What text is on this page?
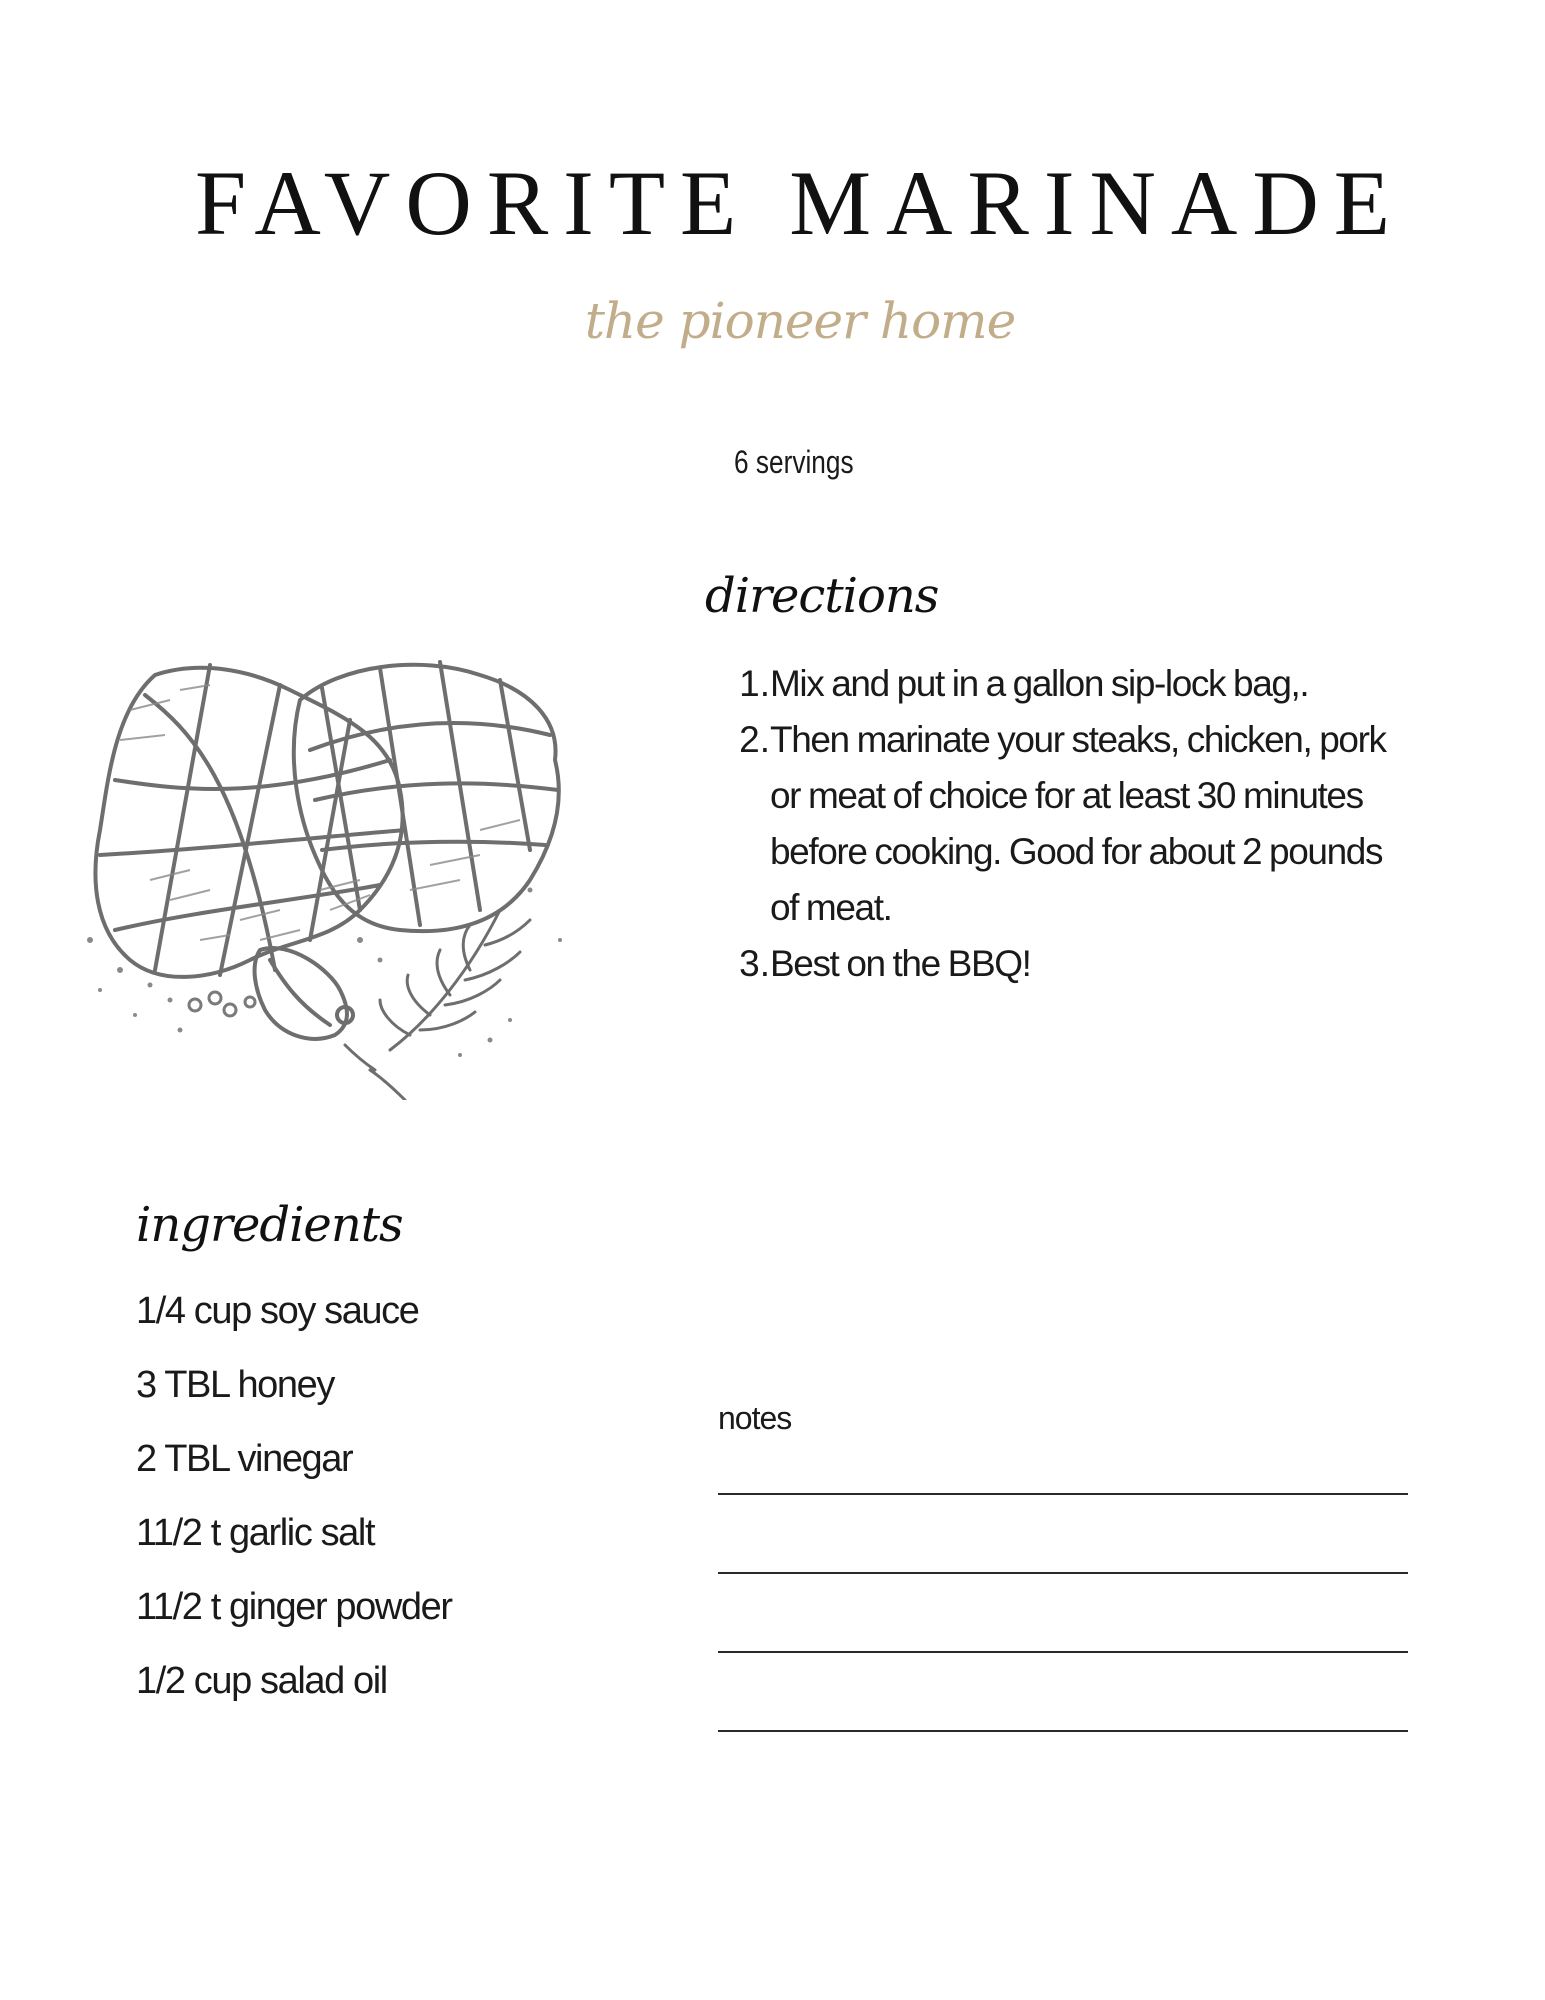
FAVORITE MARINADE
the pioneer home
6 servings
directions
1. Mix and put in a gallon sip-lock bag,.
2. Then marinate your steaks, chicken, pork or meat of choice for at least 30 minutes before cooking. Good for about 2 pounds of meat.
3. Best on the BBQ!
ingredients
1/4 cup soy sauce
3 TBL honey
2 TBL vinegar
11/2 t garlic salt
11/2 t ginger powder
1/2 cup salad oil
notes
